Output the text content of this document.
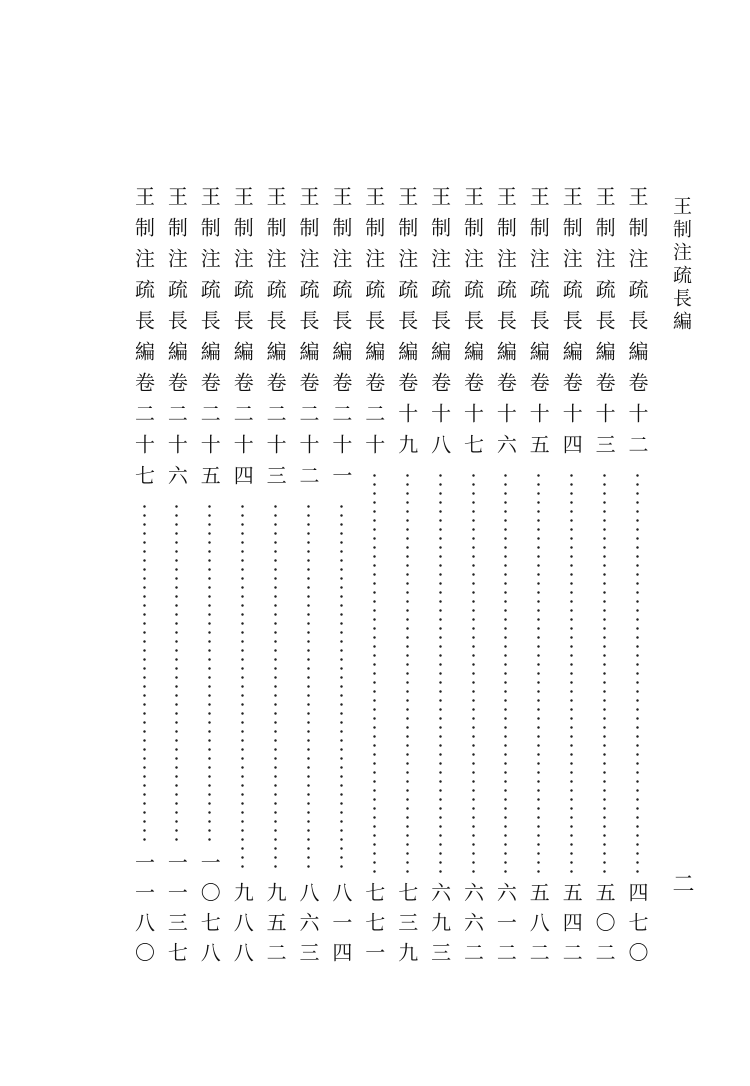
王制注疏長編
二
王制注疏長編卷十二
四七〇
王制注疏長編卷十三
五〇二
王制注疏長編卷十四
五四二
王制注疏長編卷十五
五八二
王制注疏長編卷十六
六一二
王制注疏長編卷十七
六六二
王制注疏長編卷十八
六九三
王制注疏長編卷十九
七三九
王制注疏長編卷二十
七七一
王制注疏長編卷二十一
八一四
王制注疏長編卷二十二
八六三
王制注疏長編卷二十三
九五二
王制注疏長編卷二十四
九八八
王制注疏長編卷二十五
一〇七八
王制注疏長編卷二十六
一一三七
王制注疏長編卷二十七
一一八〇
